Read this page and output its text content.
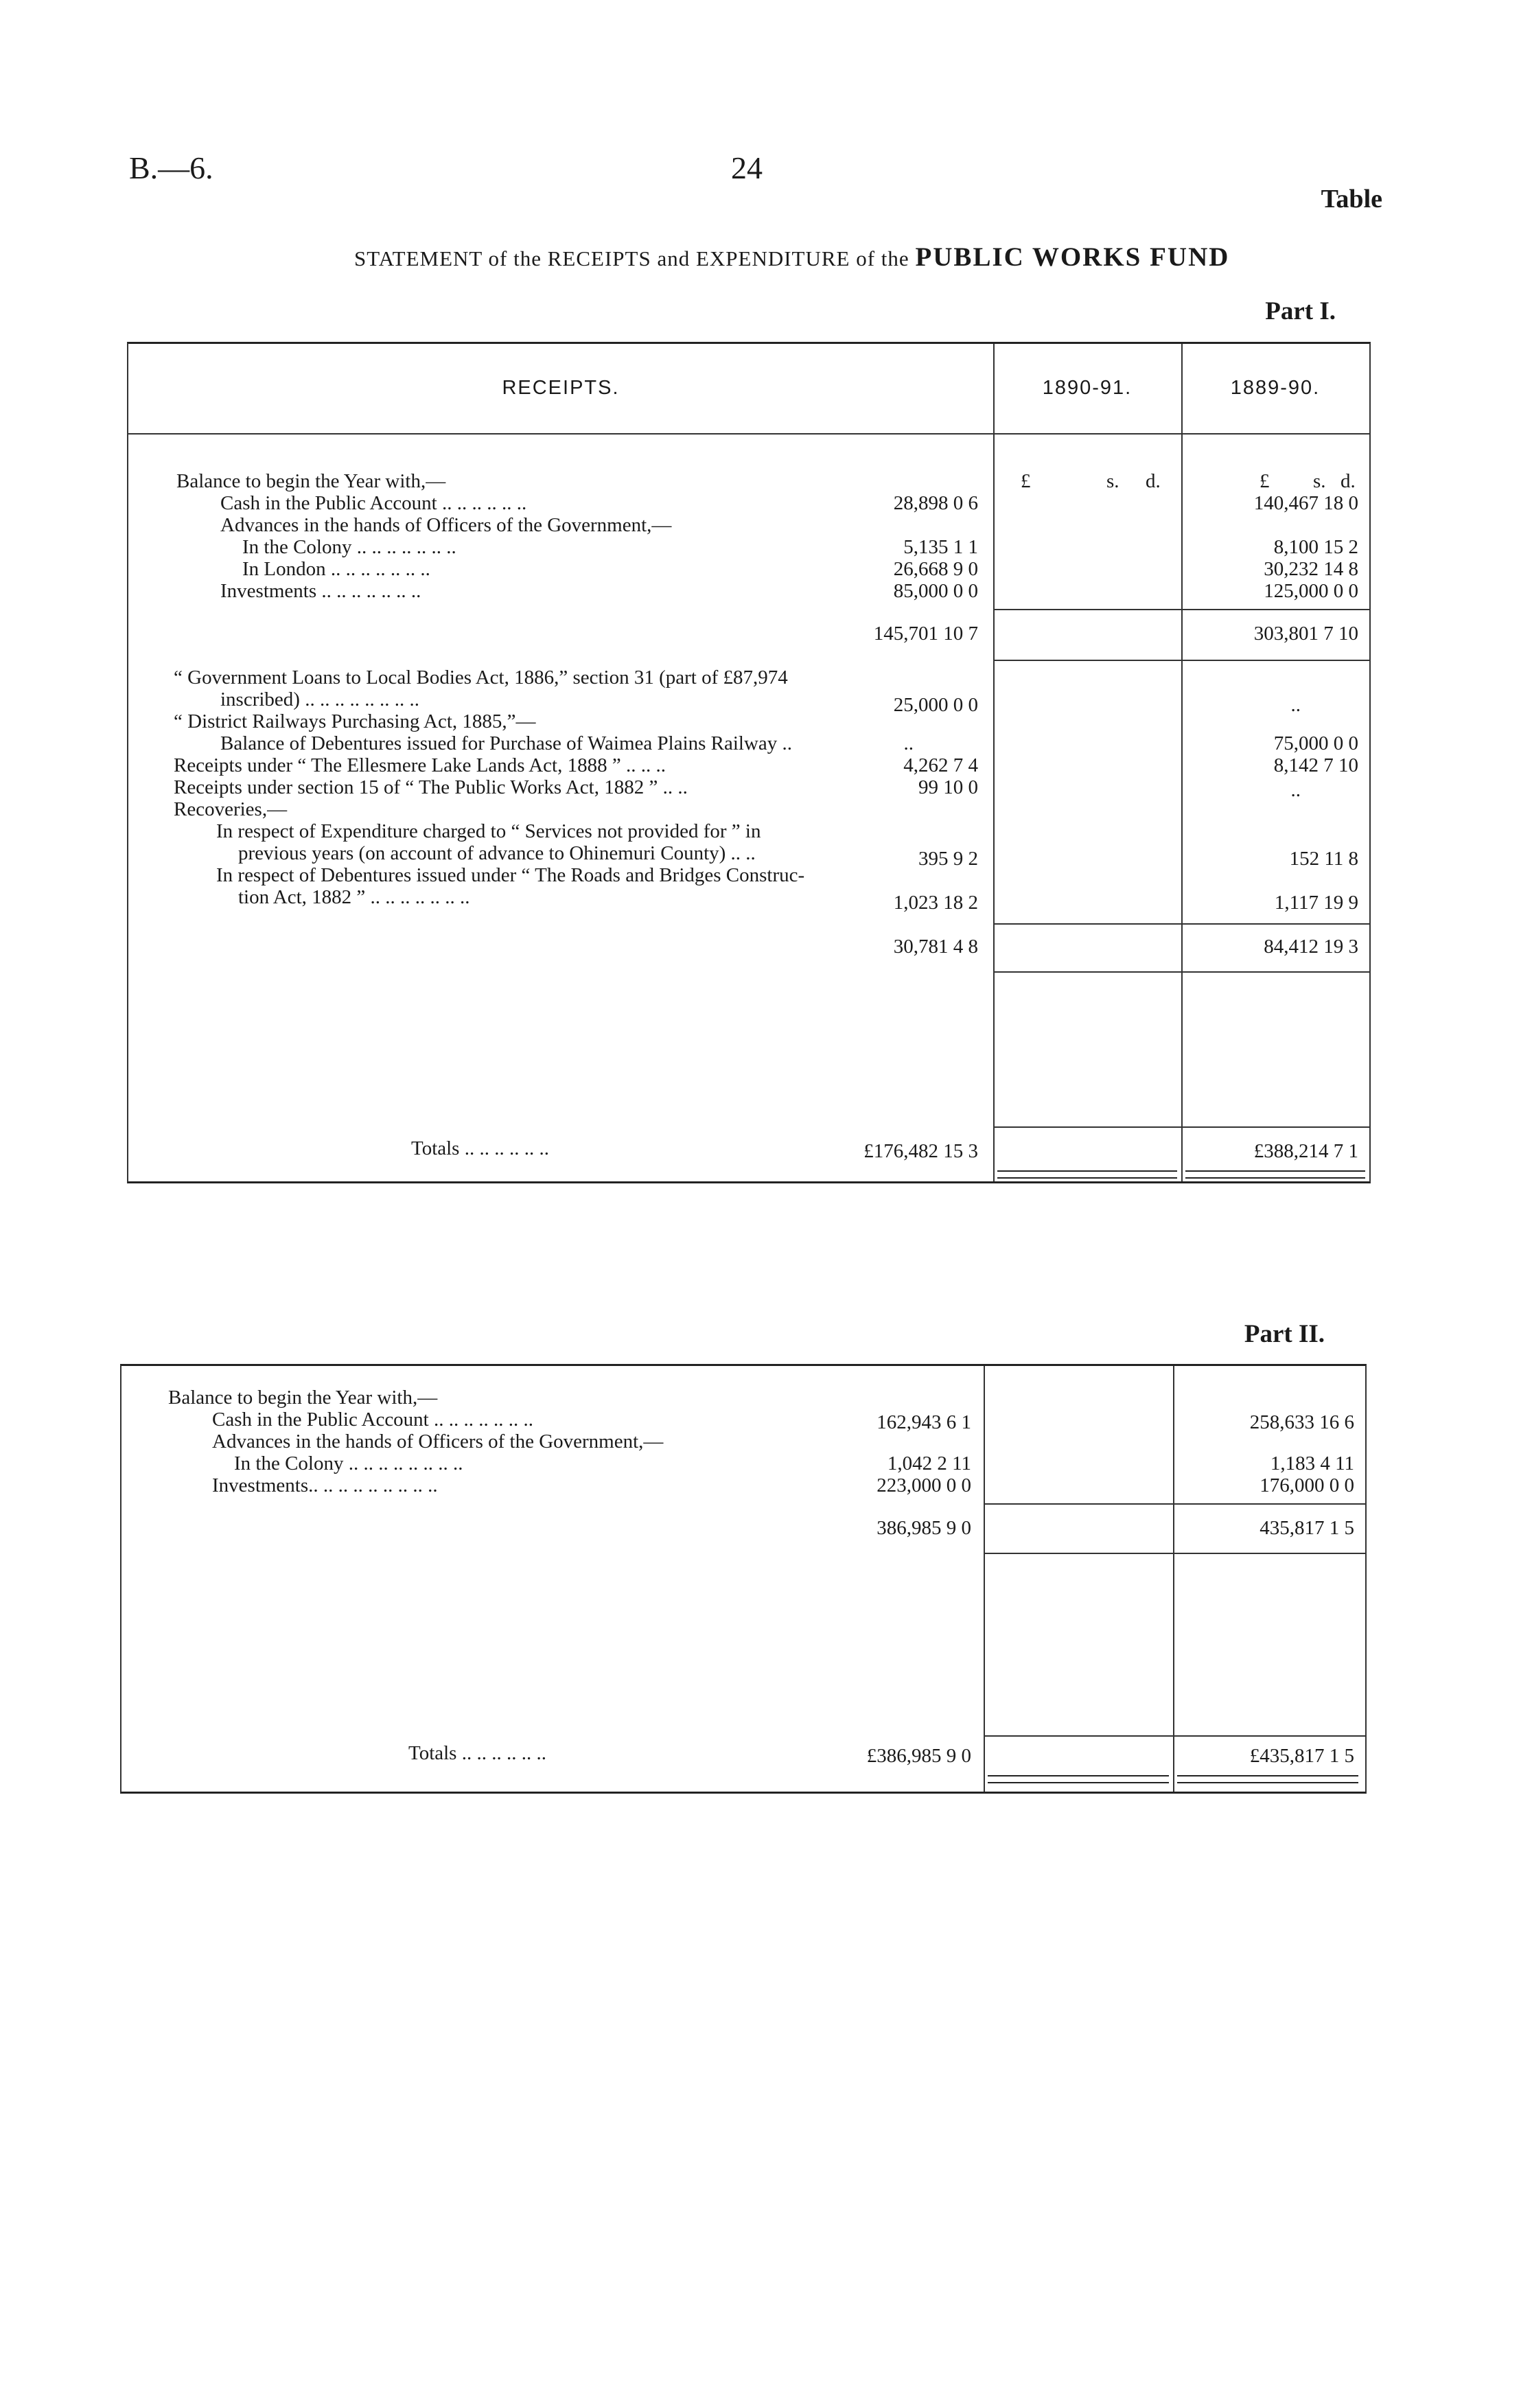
B.—6.	24
Table
STATEMENT of the RECEIPTS and EXPENDITURE of the PUBLIC WORKS FUND
Part I.
RECEIPTS.	1890-91.	1889-90.
£	s. d.	£ s. d.
Balance to begin the Year with,—
Cash in the Public Account .. .. .. .. .. ..	28,898 0 6	140,467 18 0
Advances in the hands of Officers of the Government,—
In the Colony .. .. .. .. .. .. ..	5,135 1 1	8,100 15 2
In London .. .. .. .. .. .. ..	26,668 9 0	30,232 14 8
Investments .. .. .. .. .. .. ..	85,000 0 0	125,000 0 0
145,701 10 7	303,801 7 10
“ Government Loans to Local Bodies Act, 1886,” section 31 (part of £87,974
inscribed) .. .. .. .. .. .. .. ..	25,000 0 0	..
“ District Railways Purchasing Act, 1885,”—
Balance of Debentures issued for Purchase of Waimea Plains Railway ..	..	75,000 0 0
Receipts under “ The Ellesmere Lake Lands Act, 1888 ” .. .. ..	4,262 7 4	8,142 7 10
Receipts under section 15 of “ The Public Works Act, 1882 ” .. ..	99 10 0	..
Recoveries,—
In respect of Expenditure charged to “ Services not provided for ” in
previous years (on account of advance to Ohinemuri County) .. ..	395 9 2	152 11 8
In respect of Debentures issued under “ The Roads and Bridges Construc-
tion Act, 1882 ” .. .. .. .. .. .. ..	1,023 18 2	1,117 19 9
30,781 4 8	84,412 19 3
Totals .. .. .. .. .. ..	£176,482 15 3	£388,214 7 1
Part II.
Balance to begin the Year with,—
Cash in the Public Account .. .. .. .. .. .. ..	162,943 6 1	258,633 16 6
Advances in the hands of Officers of the Government,—
In the Colony .. .. .. .. .. .. .. ..	1,042 2 11	1,183 4 11
Investments.. .. .. .. .. .. .. .. ..	223,000 0 0	176,000 0 0
386,985 9 0	435,817 1 5
Totals .. .. .. .. .. ..	£386,985 9 0	£435,817 1 5
